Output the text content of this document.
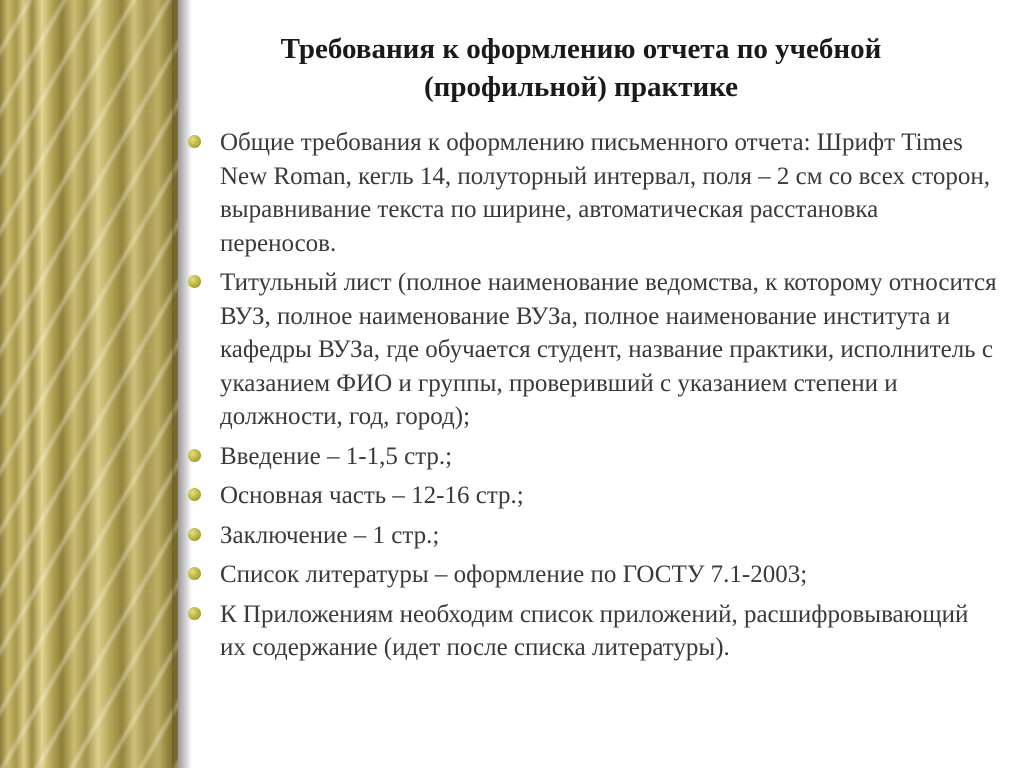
Требования к оформлению отчета по учебной
(профильной) практике
Общие требования к оформлению письменного отчета: Шрифт Times New Roman, кегль 14, полуторный интервал, поля – 2 см со всех сторон, выравнивание текста по ширине, автоматическая расстановка переносов.
Титульный лист (полное наименование ведомства, к которому относится ВУЗ, полное наименование ВУЗа, полное наименование института и кафедры ВУЗа, где обучается студент, название практики, исполнитель с указанием ФИО и группы, проверивший с указанием степени и должности, год, город);
Введение – 1-1,5 стр.;
Основная часть – 12-16 стр.;
Заключение – 1 стр.;
Список литературы – оформление по ГОСТУ 7.1-2003;
К Приложениям необходим список приложений, расшифровывающий их содержание (идет после списка литературы).
